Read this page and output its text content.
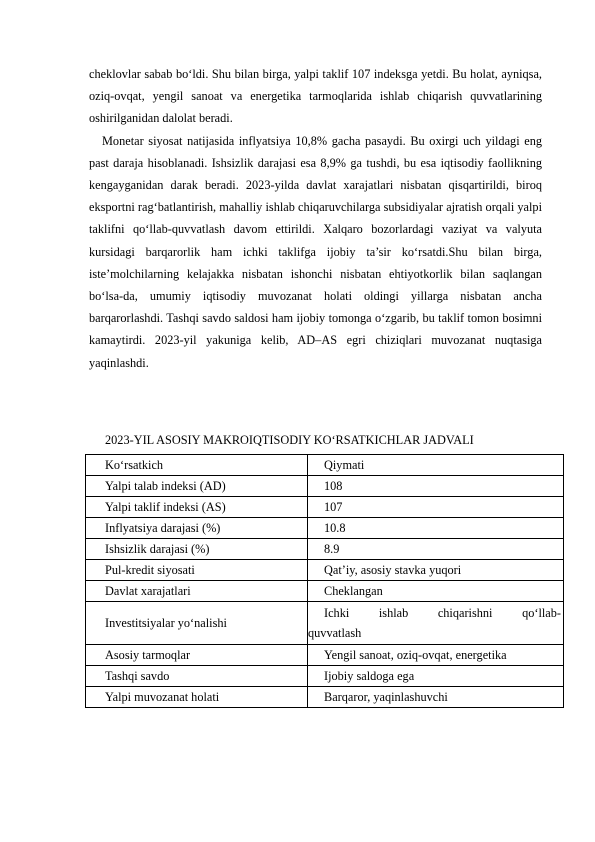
cheklovlar sabab bo‘ldi. Shu bilan birga, yalpi taklif 107 indeksga yetdi. Bu holat, ayniqsa, oziq-ovqat, yengil sanoat va energetika tarmoqlarida ishlab chiqarish quvvatlarining oshirilganidan dalolat beradi.

Monetar siyosat natijasida inflyatsiya 10,8% gacha pasaydi. Bu oxirgi uch yildagi eng past daraja hisoblanadi. Ishsizlik darajasi esa 8,9% ga tushdi, bu esa iqtisodiy faollikning kengayganidan darak beradi. 2023-yilda davlat xarajatlari nisbatan qisqartirildi, biroq eksportni rag‘batlantirish, mahalliy ishlab chiqaruvchilarga subsidiyalar ajratish orqali yalpi taklifni qo‘llab-quvvatlash davom ettirildi. Xalqaro bozorlardagi vaziyat va valyuta kursidagi barqarorlik ham ichki taklifga ijobiy ta’sir ko‘rsatdi.Shu bilan birga, iste’molchilarning kelajakka nisbatan ishonchi nisbatan ehtiyotkorlik bilan saqlangan bo‘lsa-da, umumiy iqtisodiy muvozanat holati oldingi yillarga nisbatan ancha barqarorlashdi. Tashqi savdo saldosi ham ijobiy tomonga o‘zgarib, bu taklif tomon bosimni kamaytirdi. 2023-yil yakuniga kelib, AD–AS egri chiziqlari muvozanat nuqtasiga yaqinlashdi.

2023-YIL ASOSIY MAKROIQTISODIY KO‘RSATKICHLAR JADVALI
Ko‘rsatkich	Qiymati
Yalpi talab indeksi (AD)	108
Yalpi taklif indeksi (AS)	107
Inflyatsiya darajasi (%)	10.8
Ishsizlik darajasi (%)	8.9
Pul-kredit siyosati	Qat’iy, asosiy stavka yuqori
Davlat xarajatlari	Cheklangan
Investitsiyalar yo‘nalishi	Ichki ishlab chiqarishni qo‘llab-
quvvatlash

Asosiy tarmoqlar	Yengil sanoat, oziq-ovqat, energetika
Tashqi savdo	Ijobiy saldoga ega
Yalpi muvozanat holati	Barqaror, yaqinlashuvchi
